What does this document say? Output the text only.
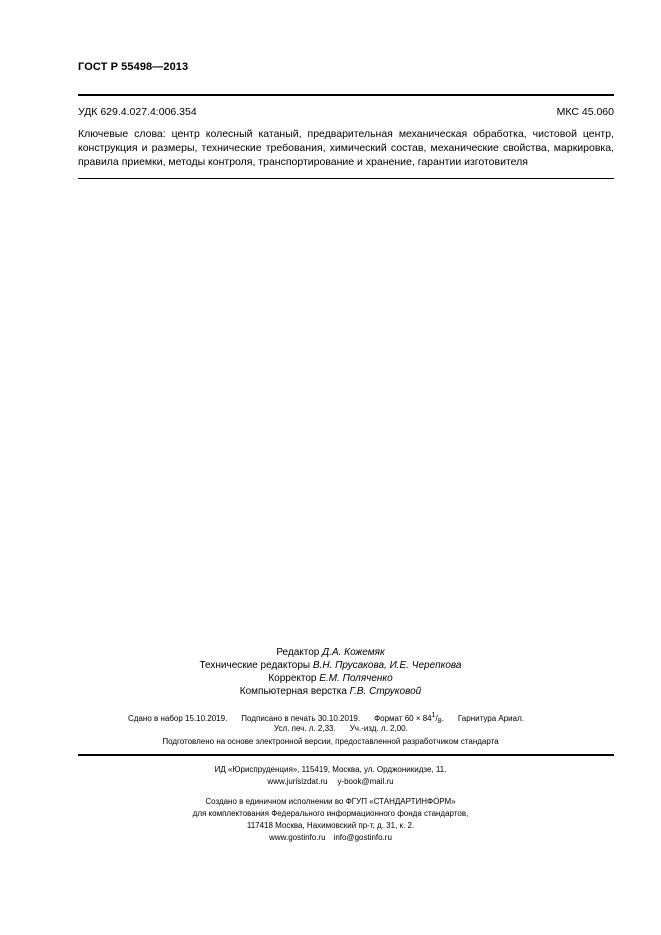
ГОСТ Р 55498—2013
УДК 629.4.027.4:006.354	МКС 45.060
Ключевые слова: центр колесный катаный, предварительная механическая обработка, чистовой центр, конструкция и размеры, технические требования, химический состав, механические свойства, маркировка, правила приемки, методы контроля, транспортирование и хранение, гарантии изготовителя
Редактор Д.А. Кожемяк
Технические редакторы В.Н. Прусакова, И.Е. Черепкова
Корректор Е.М. Поляченко
Компьютерная верстка Г.В. Струковой
Сдано в набор 15.10.2019. Подписано в печать 30.10.2019. Формат $60 \times 84^1/_8$. Гарнитура Ариал.
Усл. печ. л. 2,33. Уч.-изд. л. 2,00.
Подготовлено на основе электронной версии, предоставленной разработчиком стандарта
ИД «Юриспруденция», 115419, Москва, ул. Орджоникидзе, 11.
www.jurisizdat.ru y-book@mail.ru
Создано в единичном исполнении во ФГУП «СТАНДАРТИНФОРМ»
для комплектования Федерального информационного фонда стандартов,
117418 Москва, Нахимовский пр-т, д. 31, к. 2.
www.gostinfo.ru info@gostinfo.ru
